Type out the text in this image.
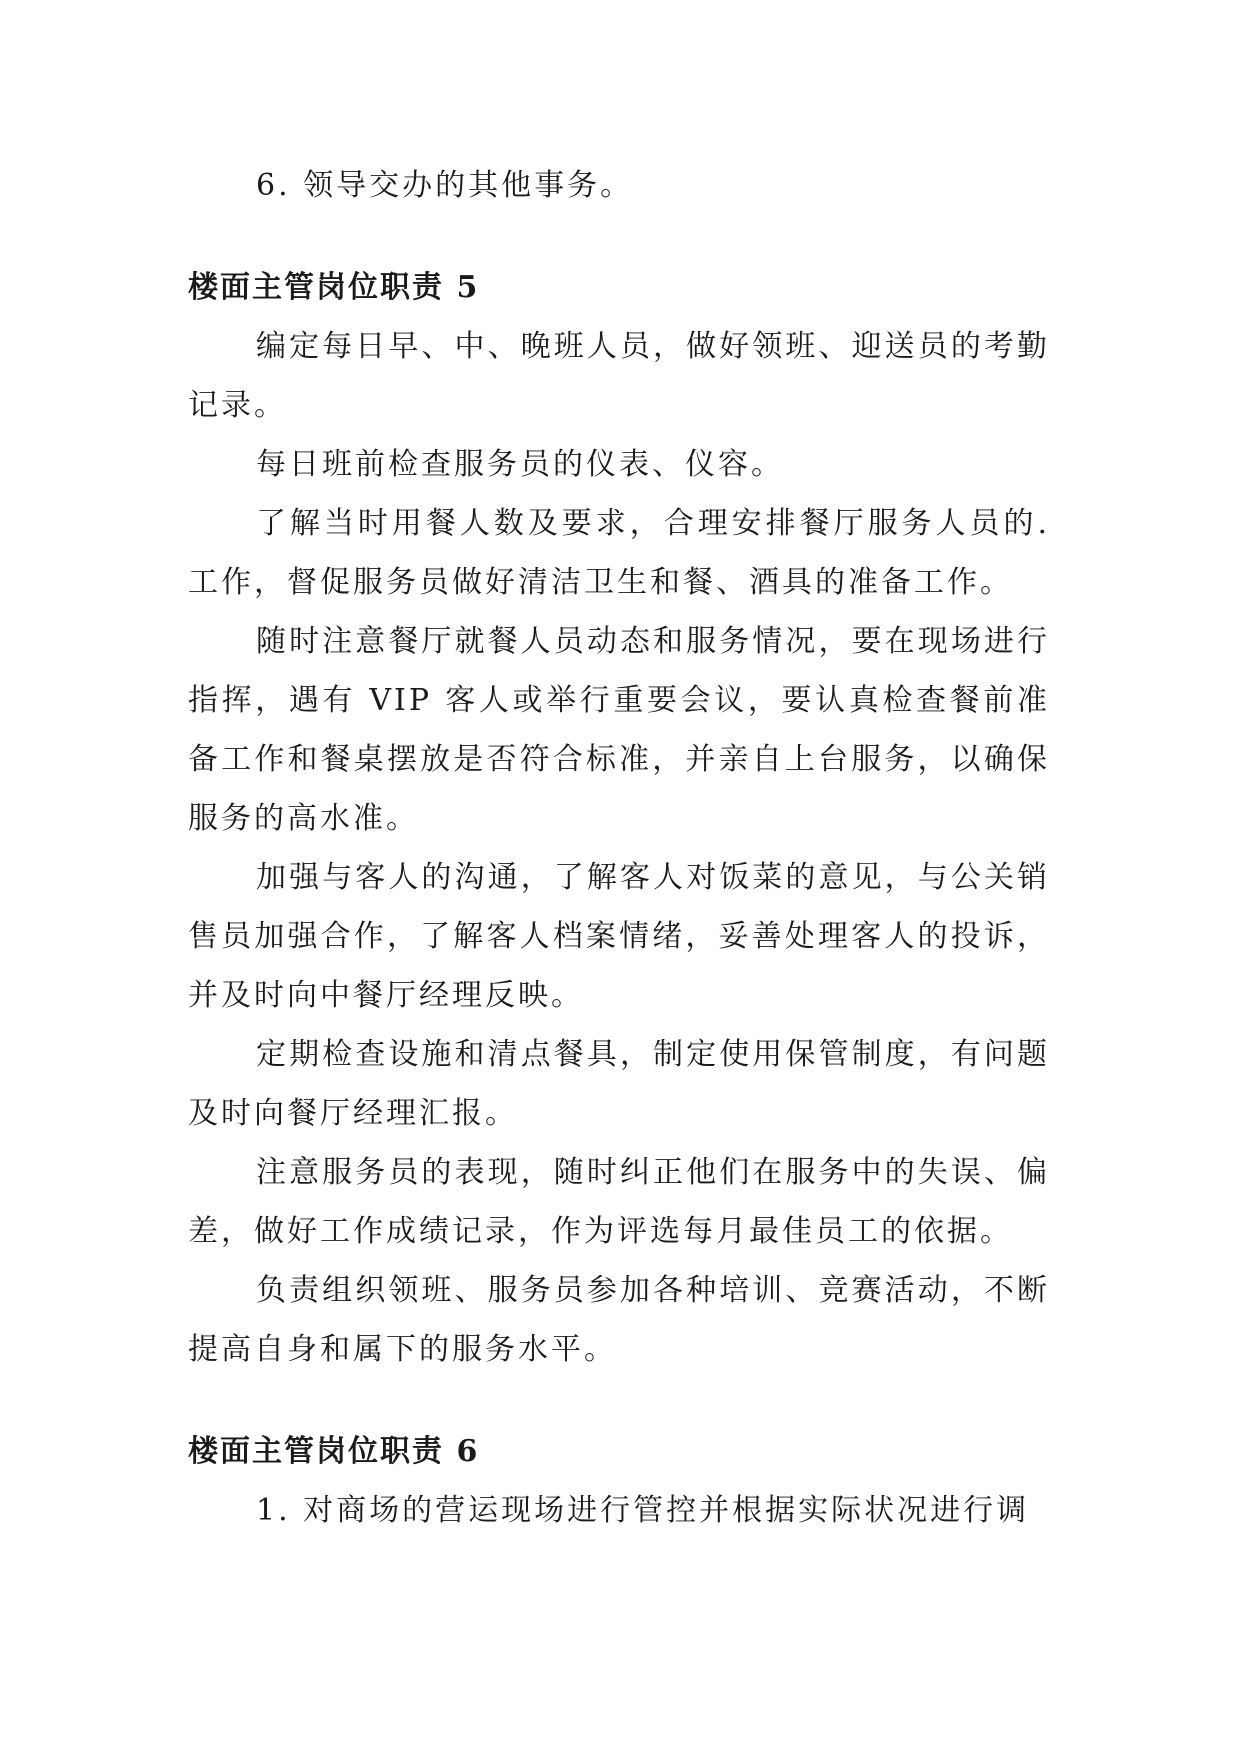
6. 领导交办的其他事务。

楼面主管岗位职责 5

编定每日早、中、晚班人员，做好领班、迎送员的考勤记录。

每日班前检查服务员的仪表、仪容。

了解当时用餐人数及要求，合理安排餐厅服务人员的.工作，督促服务员做好清洁卫生和餐、酒具的准备工作。

随时注意餐厅就餐人员动态和服务情况，要在现场进行指挥，遇有 VIP 客人或举行重要会议，要认真检查餐前准备工作和餐桌摆放是否符合标准，并亲自上台服务，以确保服务的高水准。

加强与客人的沟通，了解客人对饭菜的意见，与公关销售员加强合作，了解客人档案情绪，妥善处理客人的投诉，并及时向中餐厅经理反映。

定期检查设施和清点餐具，制定使用保管制度，有问题及时向餐厅经理汇报。

注意服务员的表现，随时纠正他们在服务中的失误、偏差，做好工作成绩记录，作为评选每月最佳员工的依据。

负责组织领班、服务员参加各种培训、竞赛活动，不断提高自身和属下的服务水平。

楼面主管岗位职责 6

1. 对商场的营运现场进行管控并根据实际状况进行调
